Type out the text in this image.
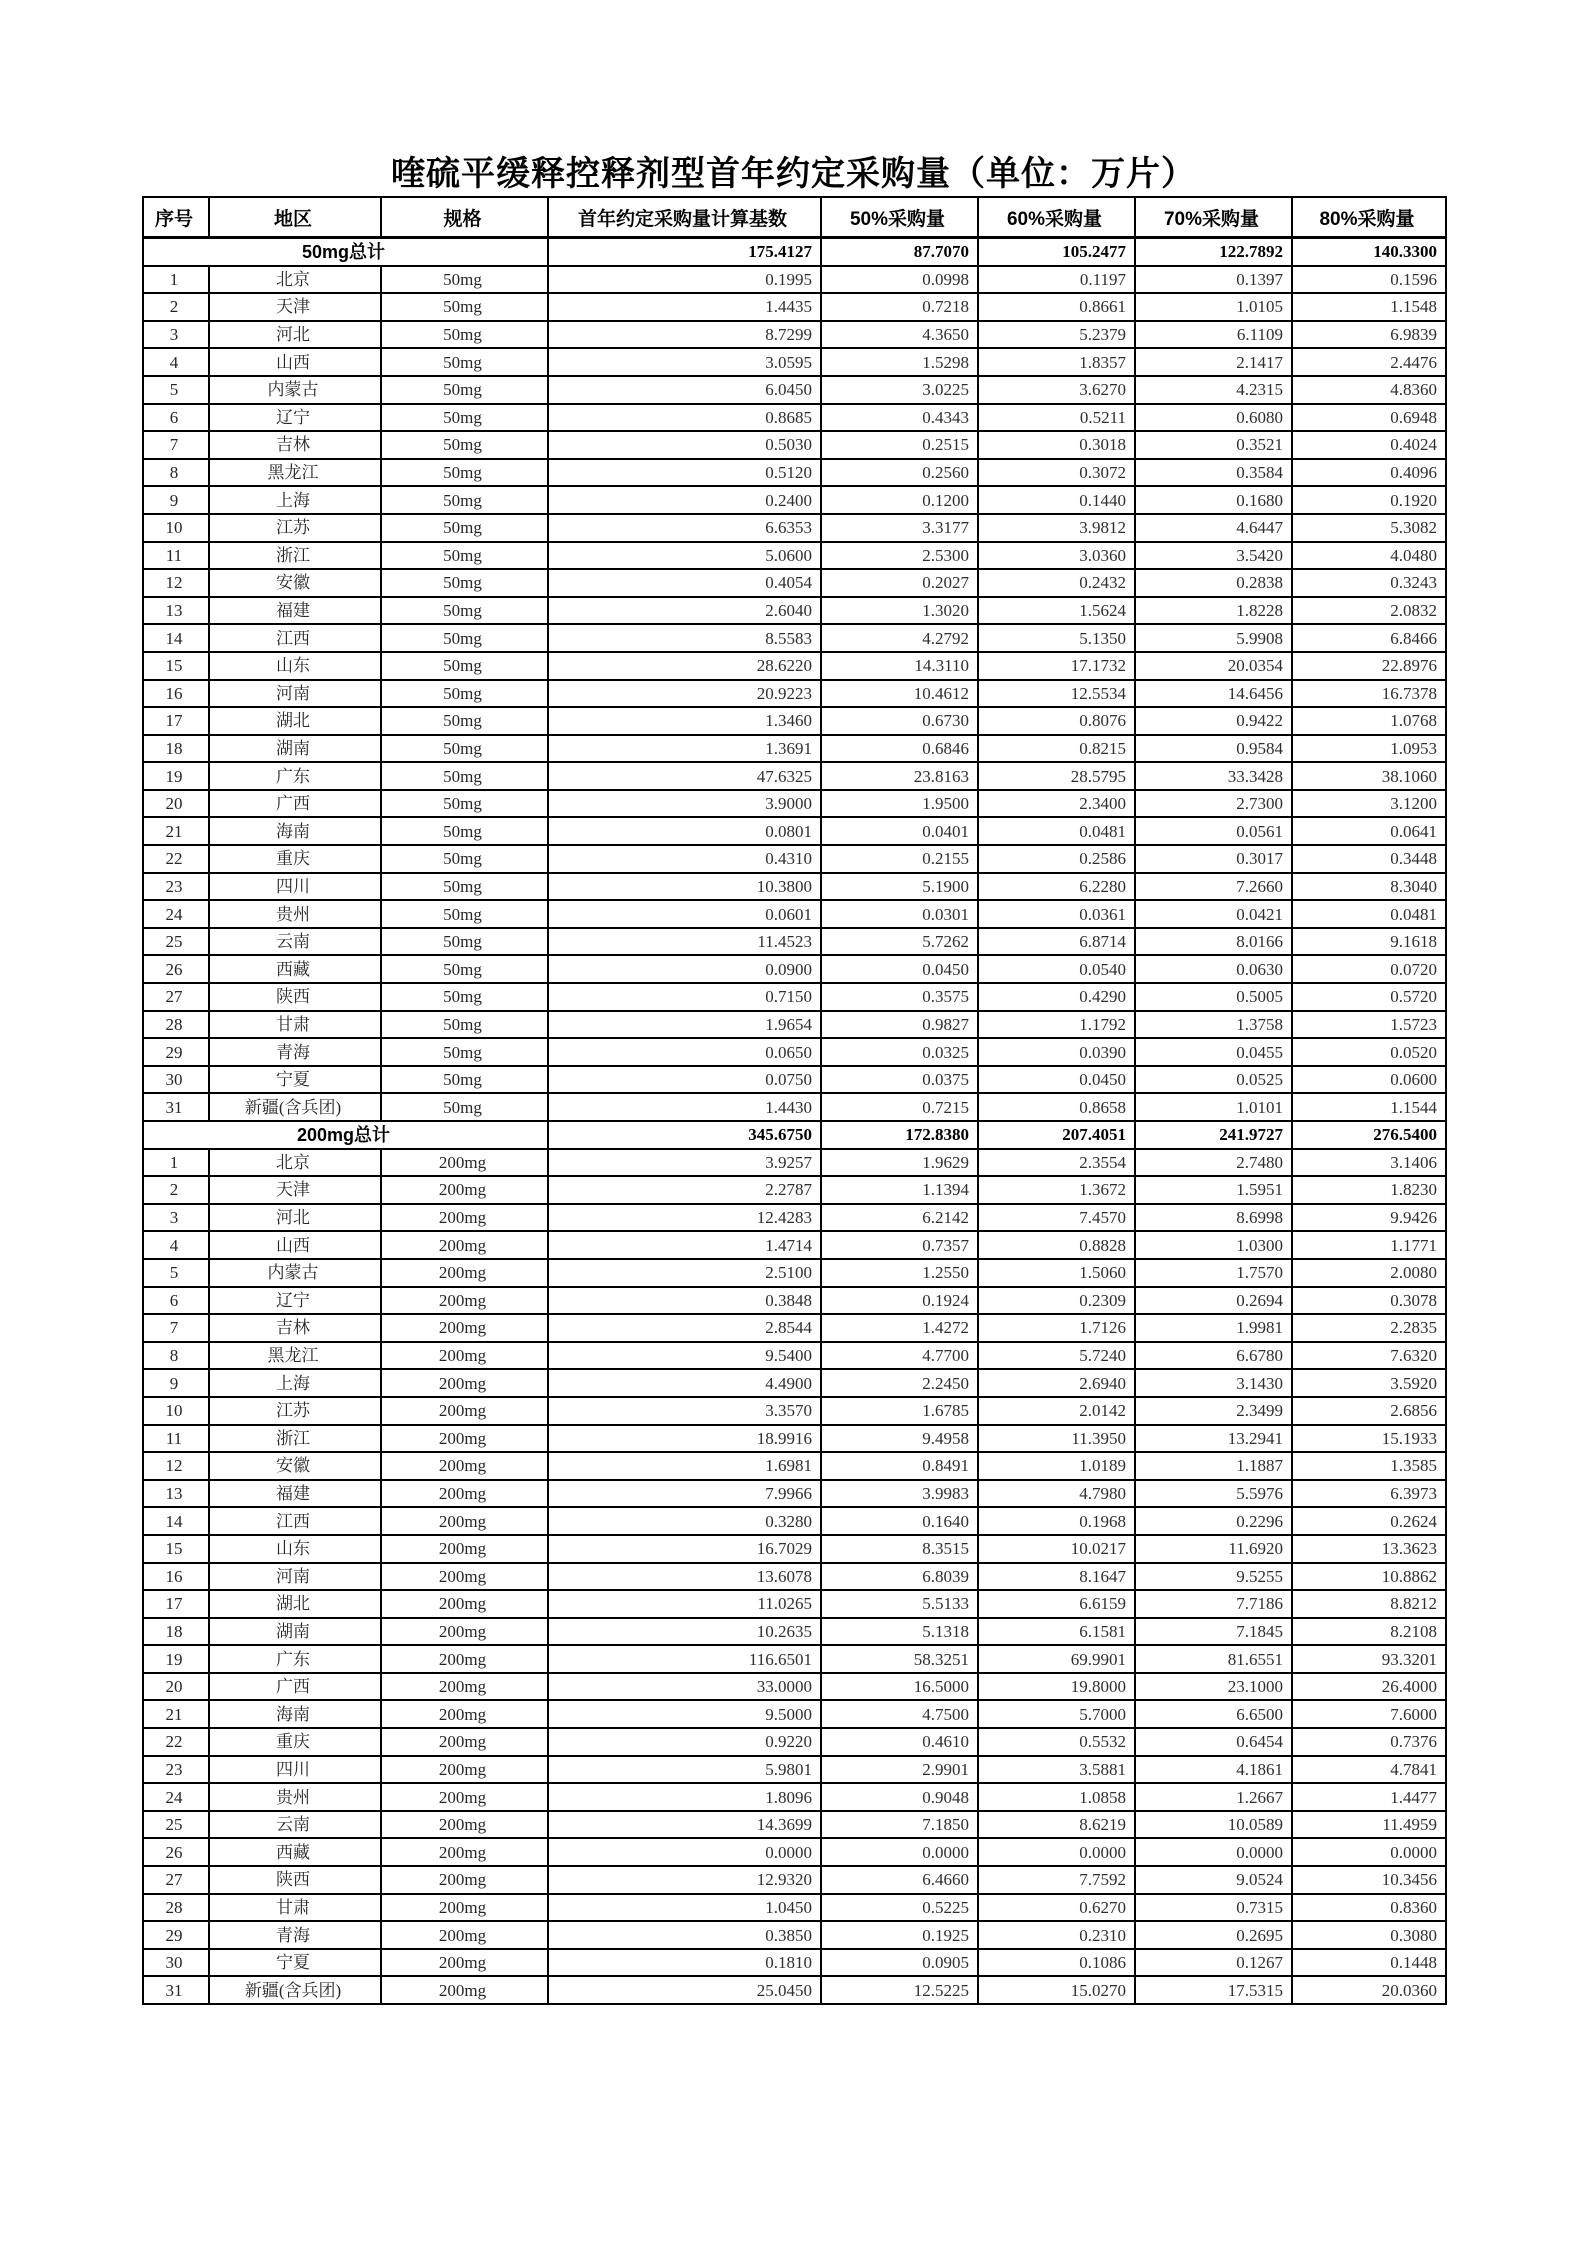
喹硫平缓释控释剂型首年约定采购量（单位：万片）
序号	地区	规格	首年约定采购量计算基数	50%采购量	60%采购量	70%采购量	80%采购量
50mg总计			175.4127	87.7070	105.2477	122.7892	140.3300
1	北京	50mg	0.1995	0.0998	0.1197	0.1397	0.1596
2	天津	50mg	1.4435	0.7218	0.8661	1.0105	1.1548
3	河北	50mg	8.7299	4.3650	5.2379	6.1109	6.9839
4	山西	50mg	3.0595	1.5298	1.8357	2.1417	2.4476
5	内蒙古	50mg	6.0450	3.0225	3.6270	4.2315	4.8360
6	辽宁	50mg	0.8685	0.4343	0.5211	0.6080	0.6948
7	吉林	50mg	0.5030	0.2515	0.3018	0.3521	0.4024
8	黑龙江	50mg	0.5120	0.2560	0.3072	0.3584	0.4096
9	上海	50mg	0.2400	0.1200	0.1440	0.1680	0.1920
10	江苏	50mg	6.6353	3.3177	3.9812	4.6447	5.3082
11	浙江	50mg	5.0600	2.5300	3.0360	3.5420	4.0480
12	安徽	50mg	0.4054	0.2027	0.2432	0.2838	0.3243
13	福建	50mg	2.6040	1.3020	1.5624	1.8228	2.0832
14	江西	50mg	8.5583	4.2792	5.1350	5.9908	6.8466
15	山东	50mg	28.6220	14.3110	17.1732	20.0354	22.8976
16	河南	50mg	20.9223	10.4612	12.5534	14.6456	16.7378
17	湖北	50mg	1.3460	0.6730	0.8076	0.9422	1.0768
18	湖南	50mg	1.3691	0.6846	0.8215	0.9584	1.0953
19	广东	50mg	47.6325	23.8163	28.5795	33.3428	38.1060
20	广西	50mg	3.9000	1.9500	2.3400	2.7300	3.1200
21	海南	50mg	0.0801	0.0401	0.0481	0.0561	0.0641
22	重庆	50mg	0.4310	0.2155	0.2586	0.3017	0.3448
23	四川	50mg	10.3800	5.1900	6.2280	7.2660	8.3040
24	贵州	50mg	0.0601	0.0301	0.0361	0.0421	0.0481
25	云南	50mg	11.4523	5.7262	6.8714	8.0166	9.1618
26	西藏	50mg	0.0900	0.0450	0.0540	0.0630	0.0720
27	陕西	50mg	0.7150	0.3575	0.4290	0.5005	0.5720
28	甘肃	50mg	1.9654	0.9827	1.1792	1.3758	1.5723
29	青海	50mg	0.0650	0.0325	0.0390	0.0455	0.0520
30	宁夏	50mg	0.0750	0.0375	0.0450	0.0525	0.0600
31	新疆(含兵团)	50mg	1.4430	0.7215	0.8658	1.0101	1.1544
200mg总计			345.6750	172.8380	207.4051	241.9727	276.5400
1	北京	200mg	3.9257	1.9629	2.3554	2.7480	3.1406
2	天津	200mg	2.2787	1.1394	1.3672	1.5951	1.8230
3	河北	200mg	12.4283	6.2142	7.4570	8.6998	9.9426
4	山西	200mg	1.4714	0.7357	0.8828	1.0300	1.1771
5	内蒙古	200mg	2.5100	1.2550	1.5060	1.7570	2.0080
6	辽宁	200mg	0.3848	0.1924	0.2309	0.2694	0.3078
7	吉林	200mg	2.8544	1.4272	1.7126	1.9981	2.2835
8	黑龙江	200mg	9.5400	4.7700	5.7240	6.6780	7.6320
9	上海	200mg	4.4900	2.2450	2.6940	3.1430	3.5920
10	江苏	200mg	3.3570	1.6785	2.0142	2.3499	2.6856
11	浙江	200mg	18.9916	9.4958	11.3950	13.2941	15.1933
12	安徽	200mg	1.6981	0.8491	1.0189	1.1887	1.3585
13	福建	200mg	7.9966	3.9983	4.7980	5.5976	6.3973
14	江西	200mg	0.3280	0.1640	0.1968	0.2296	0.2624
15	山东	200mg	16.7029	8.3515	10.0217	11.6920	13.3623
16	河南	200mg	13.6078	6.8039	8.1647	9.5255	10.8862
17	湖北	200mg	11.0265	5.5133	6.6159	7.7186	8.8212
18	湖南	200mg	10.2635	5.1318	6.1581	7.1845	8.2108
19	广东	200mg	116.6501	58.3251	69.9901	81.6551	93.3201
20	广西	200mg	33.0000	16.5000	19.8000	23.1000	26.4000
21	海南	200mg	9.5000	4.7500	5.7000	6.6500	7.6000
22	重庆	200mg	0.9220	0.4610	0.5532	0.6454	0.7376
23	四川	200mg	5.9801	2.9901	3.5881	4.1861	4.7841
24	贵州	200mg	1.8096	0.9048	1.0858	1.2667	1.4477
25	云南	200mg	14.3699	7.1850	8.6219	10.0589	11.4959
26	西藏	200mg	0.0000	0.0000	0.0000	0.0000	0.0000
27	陕西	200mg	12.9320	6.4660	7.7592	9.0524	10.3456
28	甘肃	200mg	1.0450	0.5225	0.6270	0.7315	0.8360
29	青海	200mg	0.3850	0.1925	0.2310	0.2695	0.3080
30	宁夏	200mg	0.1810	0.0905	0.1086	0.1267	0.1448
31	新疆(含兵团)	200mg	25.0450	12.5225	15.0270	17.5315	20.0360
